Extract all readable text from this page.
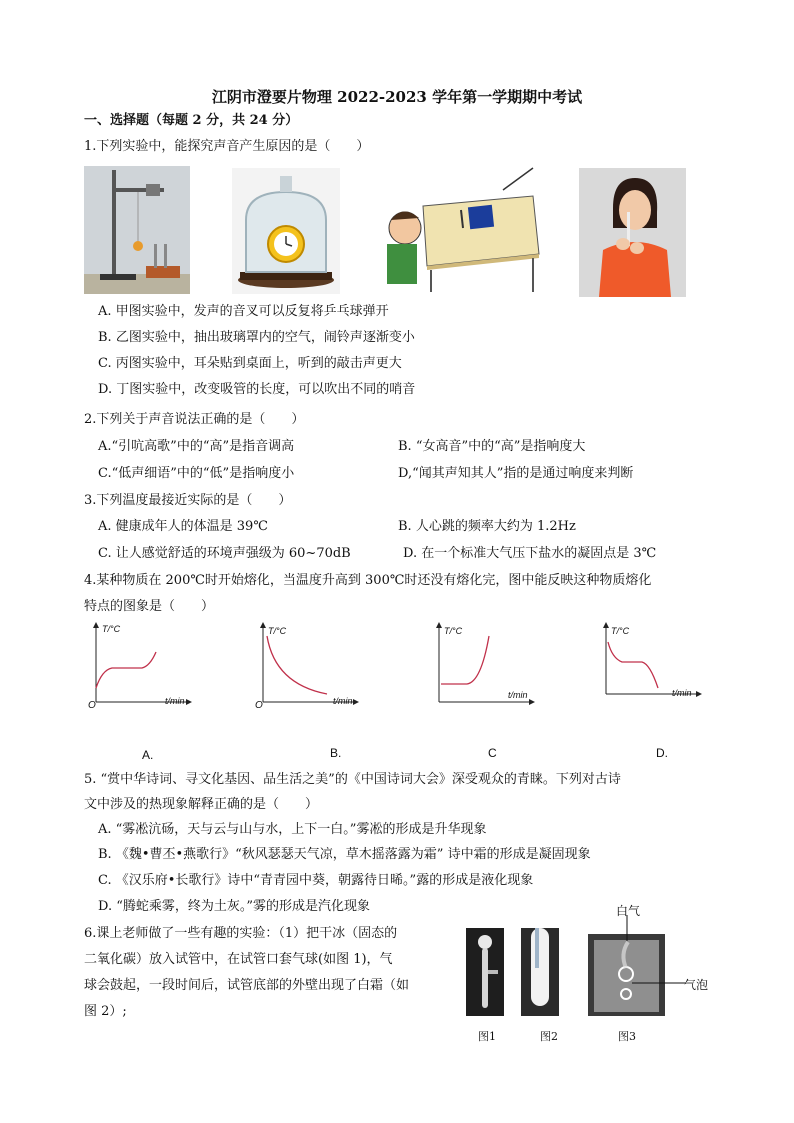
江阴市澄要片物理 2022-2023 学年第一学期期中考试
一、选择题（每题 2 分，共 24 分）
1.下列实验中，能探究声音产生原因的是（　　）
A. 甲图实验中，发声的音叉可以反复将乒乓球弹开
B. 乙图实验中，抽出玻璃罩内的空气，闹铃声逐渐变小
C. 丙图实验中，耳朵贴到桌面上，听到的敲击声更大
D. 丁图实验中，改变吸管的长度，可以吹出不同的哨音
2.下列关于声音说法正确的是（　　）
A.“引吭高歌”中的“高”是指音调高	B. “女高音”中的“高”是指响度大
C.“低声细语”中的“低”是指响度小	D,“闻其声知其人”指的是通过响度来判断
3.下列温度最接近实际的是（　　）
A. 健康成年人的体温是 39℃	B. 人心跳的频率大约为 1.2Hz
C. 让人感觉舒适的环境声强级为 60~70dB	D. 在一个标准大气压下盐水的凝固点是 3℃
4.某种物质在 200℃时开始熔化，当温度升高到 300℃时还没有熔化完，图中能反映这种物质熔化
特点的图象是（　　）
T/°C
t/min
O
A.
T/°C
t/min
O
B.
T/°C
t/min
C
T/°C
t/min
D.
5. “赏中华诗词、寻文化基因、品生活之美”的《中国诗词大会》深受观众的青睐。下列对古诗
文中涉及的热现象解释正确的是（　　）
A. “雾凇沆砀，天与云与山与水，上下一白。”雾凇的形成是升华现象
B. 《魏•曹丕•燕歌行》“秋风瑟瑟天气凉，草木摇落露为霜” 诗中霜的形成是凝固现象
C. 《汉乐府•长歌行》诗中“青青园中葵，朝露待日晞。”露的形成是液化现象
D. “腾蛇乘雾，终为土灰。”雾的形成是汽化现象
6.课上老师做了一些有趣的实验：（1）把干冰（固态的
二氧化碳）放入试管中，在试管口套气球(如图 1)，气
球会鼓起，一段时间后，试管底部的外壁出现了白霜（如
图 2）;
图1	图2	图3
白气
气泡
